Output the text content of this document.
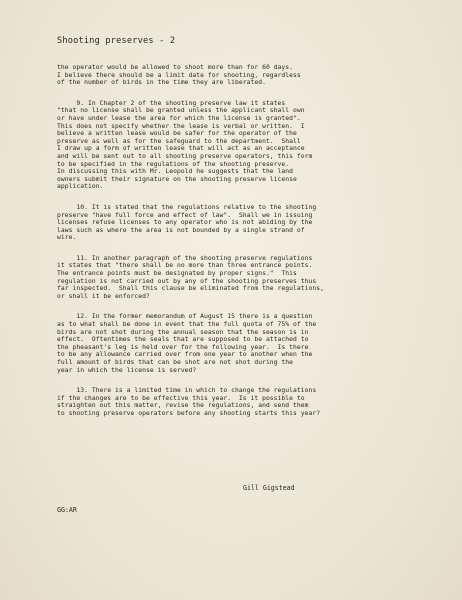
Shooting preserves - 2
the operator would be allowed to shoot more than for 60 days.
I believe there should be a limit date for shooting, regardless
of the number of birds in the time they are liberated.
9. In Chapter 2 of the shooting preserve law it states
"that no license shall be granted unless the applicant shall own
or have under lease the area for which the license is granted".
This does not specify whether the lease is verbal or written.  I
believe a written lease would be safer for the operator of the
preserve as well as for the safeguard to the department.  Shall
I draw up a form of written lease that will act as an acceptance
and will be sent out to all shooting preserve operators, this form
to be specified in the regulations of the shooting preserve.
In discussing this with Mr. Leopold he suggests that the land
owners submit their signature on the shooting preserve license
application.
10. It is stated that the regulations relative to the shooting
preserve "have full force and effect of law".  Shall we in issuing
licenses refuse licenses to any operator who is not abiding by the
laws such as where the area is not bounded by a single strand of
wire.
11. In another paragraph of the shooting preserve regulations
it states that "there shall be no more than three entrance points.
The entrance points must be designated by proper signs."  This
regulation is not carried out by any of the shooting preserves thus
far inspected.  Shall this clause be eliminated from the regulations,
or shall it be enforced?
12. In the former memorandum of August 15 there is a question
as to what shall be done in event that the full quota of 75% of the
birds are not shot during the annual season that the season is in
effect.  Oftentimes the seals that are supposed to be attached to
the pheasant's leg is held over for the following year.  Is there
to be any allowance carried over from one year to another when the
full amount of birds that can be shot are not shot during the
year in which the license is served?
13. There is a limited time in which to change the regulations
if the changes are to be effective this year.  Is it possible to
straighten out this matter, revise the regulations, and send them
to shooting preserve operators before any shooting starts this year?
Gill Gigstead
GG:AR
